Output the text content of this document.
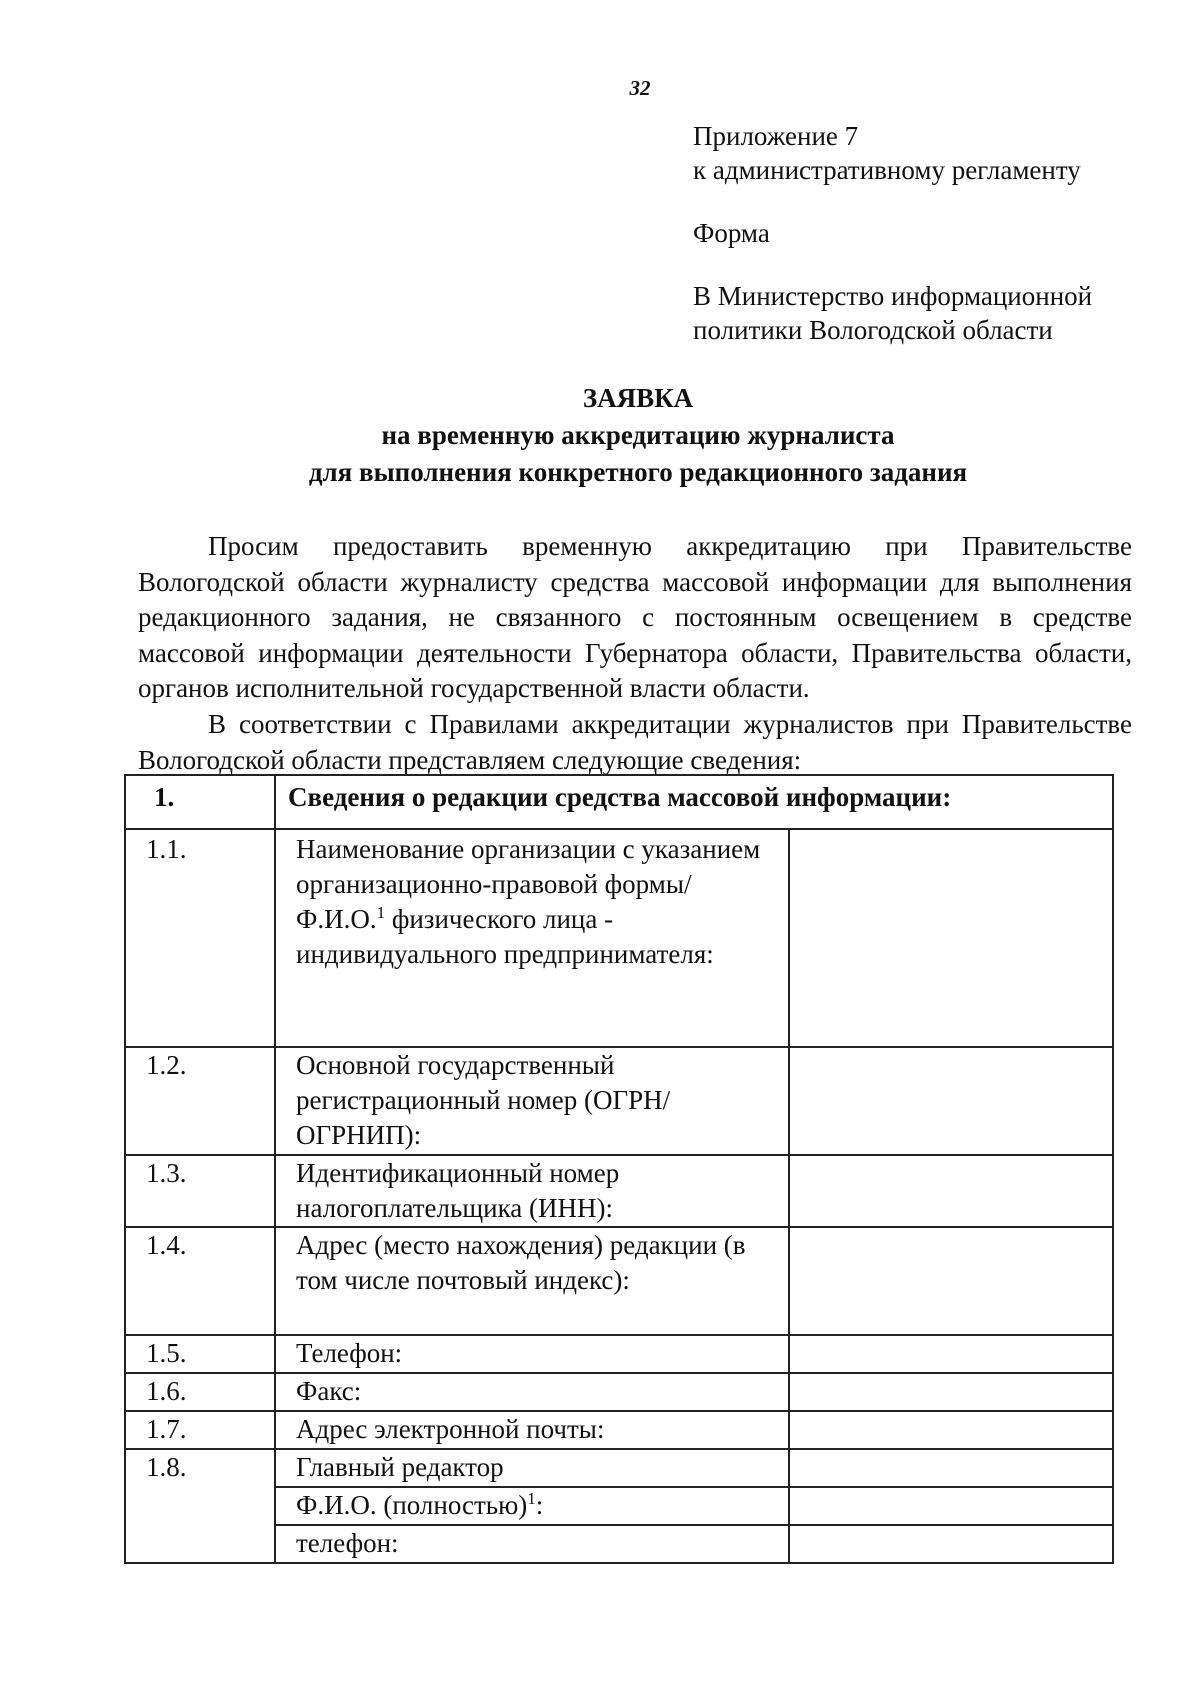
32

Приложение 7

к административному регламенту

Форма

В Министерство информационной

политики Вологодской области

ЗАЯВКА
на временную аккредитацию журналиста
для выполнения конкретного редакционного задания

Просим предоставить временную аккредитацию при Правительстве Вологодской области журналисту средства массовой информации для выполнения редакционного задания, не связанного с постоянным освещением в средстве массовой информации деятельности Губернатора области, Правительства области, органов исполнительной государственной власти области.

В соответствии с Правилами аккредитации журналистов при Правительстве Вологодской области представляем следующие сведения:

1.	Сведения о редакции средства массовой информации:	
1.1.	Наименование организации с указанием организационно-правовой формы/Ф.И.О.$^1$ физического лица - индивидуального предпринимателя:	
1.2.	Основной государственный регистрационный номер (ОГРН/ОГРНИП):	
1.3.	Идентификационный номер налогоплательщика (ИНН):	
1.4.	Адрес (место нахождения) редакции (в том числе почтовый индекс):	
1.5.	Телефон:	
1.6.	Факс:	
1.7.	Адрес электронной почты:	
1.8.	Главный редактор	
	Ф.И.О. (полностью)$^1$:	
	телефон:	
